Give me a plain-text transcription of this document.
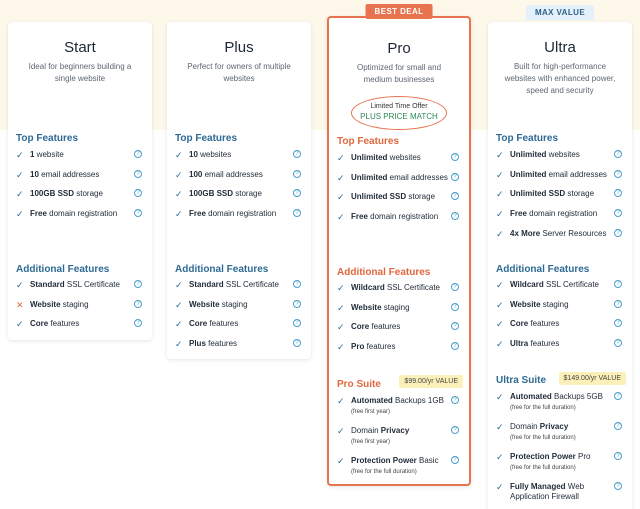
Start
Ideal for beginners building a single website
Top Features
✓ 1 website	?
✓ 10 email addresses	?
✓ 100GB SSD storage	?
✓ Free domain registration	?
Additional Features
✓ Standard SSL Certificate	?
✕ Website staging	?
✓ Core features	?
Plus
Perfect for owners of multiple websites
Top Features
✓ 10 websites	?
✓ 100 email addresses	?
✓ 100GB SSD storage	?
✓ Free domain registration	?
Additional Features
✓ Standard SSL Certificate	?
✓ Website staging	?
✓ Core features	?
✓ Plus features	?
BEST DEAL
Pro
Optimized for small and medium businesses
Limited Time Offer
PLUS PRICE MATCH
Top Features
✓ Unlimited websites	?
✓ Unlimited email addresses ?
✓ Unlimited SSD storage	?
✓ Free domain registration	?
Additional Features
✓ Wildcard SSL Certificate	?
✓ Website staging	?
✓ Core features	?
✓ Pro features	?
Pro Suite	$99.00/yr VALUE
✓ Automated Backups 1GB
(free first year)
?
✓ Domain Privacy
(free first year)
?
✓ Protection Power Basic
(free for the full duration)
?
MAX VALUE
Ultra
Built for high-performance websites with enhanced power, speed and security
Top Features
✓ Unlimited websites	?
✓ Unlimited email addresses	?
✓ Unlimited SSD storage	?
✓ Free domain registration	?
✓ 4x More Server Resources	?
Additional Features
✓ Wildcard SSL Certificate	?
✓ Website staging	?
✓ Core features	?
✓ Ultra features	?
Ultra Suite	$149.00/yr VALUE
✓ Automated Backups 5GB
(free for the full duration)
?
✓ Domain Privacy
(free for the full duration)
?
✓ Protection Power Pro
(free for the full duration)
?
✓ Fully Managed Web Application Firewall
?
